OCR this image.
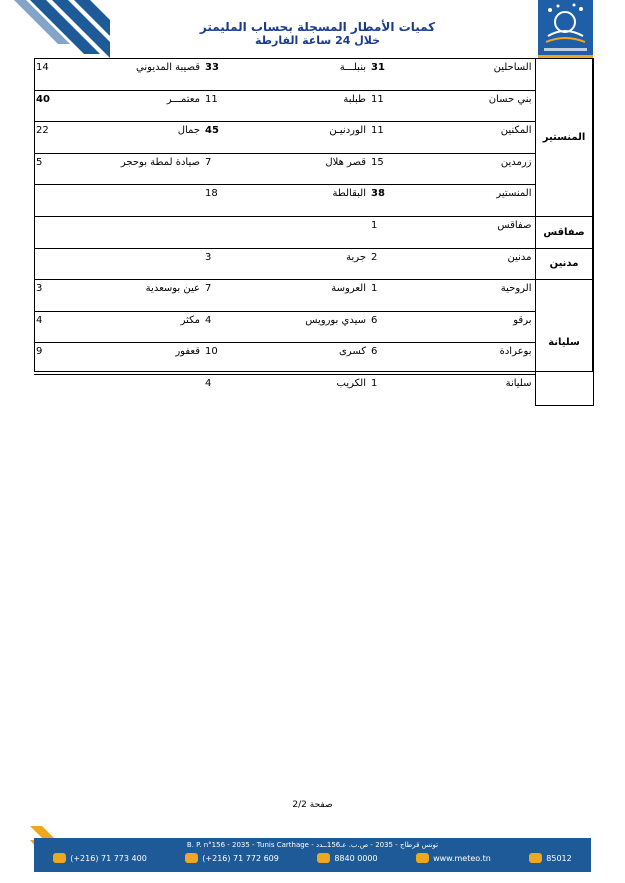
كميات الأمطار المسجلة بحساب المليمتر
خلال 24 ساعة الفارطة
المنستير	الساحلين	31	بنبلـــة	33	قصيبة المديوني	14
	بني حسان	11	طبلبة	11	معتمـــر	40
	المكنين	11	الوردنيـن	45	جمال	22
	زرمدين	15	قصر هلال	7	صيادة لمطة بوحجر	5
	المنستير	38	البقالطة	18		
صفاقس	صفاقس	1				
مدنين	مدنين	2	جربة	3		
سليانة	الروحية	1	العروسة	7	عين بوسعدية	3
	برقو	6	سيدي بورويس	4	مكثر	4
	بوعرادة	6	كسرى	10	قعفور	9
	سليانة	1	الكريب	4		
صفحة 2/2
B. P. n°156 - 2035 - Tunis Carthage - تونس قرطاج - 2035 - ص.ب. عـ156ــدد
(+216) 71 773 400	(+216) 71 772 609	8840 0000	www.meteo.tn	85012
